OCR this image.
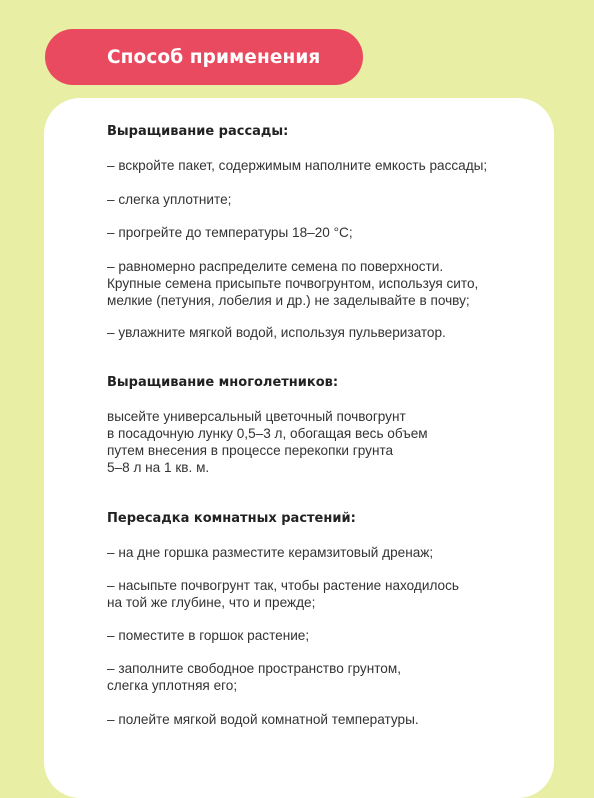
Способ применения
Выращивание рассады:
– вскройте пакет, содержимым наполните емкость рассады;
– слегка уплотните;
– прогрейте до температуры 18–20 °С;
– равномерно распределите семена по поверхности.
Крупные семена присыпьте почвогрунтом, используя сито,
мелкие (петуния, лобелия и др.) не заделывайте в почву;
– увлажните мягкой водой, используя пульверизатор.
Выращивание многолетников:
высейте универсальный цветочный почвогрунт
в посадочную лунку 0,5–3 л, обогащая весь объем
путем внесения в процессе перекопки грунта
5–8 л на 1 кв. м.
Пересадка комнатных растений:
– на дне горшка разместите керамзитовый дренаж;
– насыпьте почвогрунт так, чтобы растение находилось
на той же глубине, что и прежде;
– поместите в горшок растение;
– заполните свободное пространство грунтом,
слегка уплотняя его;
– полейте мягкой водой комнатной температуры.
